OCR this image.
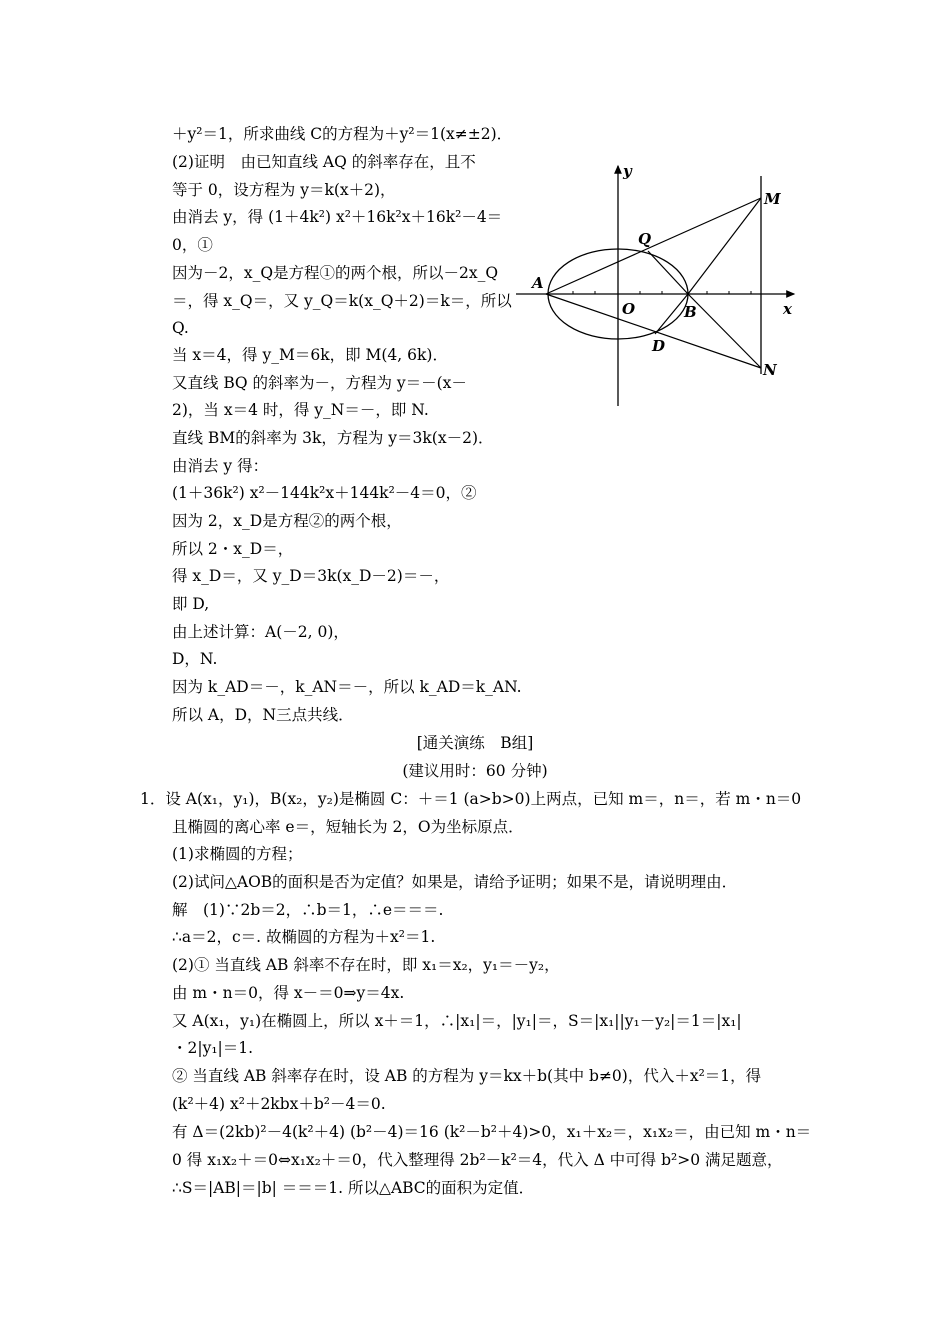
＋y²＝1，所求曲线 C的方程为＋y²＝1(x≠±2)．
(2)证明　由已知直线 AQ 的斜率存在，且不
等于 0，设方程为 y＝k(x＋2)，
由消去 y，得 (1＋4k²) x²＋16k²x＋16k²－4＝
0，①
因为－2，x_Q是方程①的两个根，所以－2x_Q
＝，得 x_Q＝，又 y_Q＝k(x_Q＋2)＝k＝，所以
Q.
当 x＝4，得 y_M＝6k，即 M(4, 6k)．
又直线 BQ 的斜率为－，方程为 y＝－(x－
2)，当 x＝4 时，得 y_N＝－，即 N.
直线 BM的斜率为 3k，方程为 y＝3k(x－2)．
由消去 y 得：
(1＋36k²) x²－144k²x＋144k²－4＝0，②
因为 2，x_D是方程②的两个根，
所以 2・x_D＝，
得 x_D＝，又 y_D＝3k(x_D－2)＝－，
即 D,
由上述计算：A(－2, 0)，
D，N.
因为 k_AD＝－，k_AN＝－，所以 k_AD＝k_AN.
所以 A，D，N三点共线．
y
x
M
Q
A
O	B
D
N
[通关演练　B组]
(建议用时：60 分钟)
1．设 A(x₁，y₁)，B(x₂，y₂)是椭圆 C：＋＝1 (a>b>0)上两点，已知 m＝，n＝，若 m・n＝0
且椭圆的离心率 e＝，短轴长为 2，O为坐标原点．
(1)求椭圆的方程；
(2)试问△AOB的面积是否为定值？如果是，请给予证明；如果不是，请说明理由．
解　(1)∵2b＝2，∴b＝1，∴e＝＝＝.
∴a＝2，c＝. 故椭圆的方程为＋x²＝1.
(2)① 当直线 AB 斜率不存在时，即 x₁＝x₂，y₁＝－y₂，
由 m・n＝0，得 x－＝0⇒y＝4x.
又 A(x₁，y₁)在椭圆上，所以 x＋＝1，∴|x₁|＝，|y₁|＝，S＝|x₁||y₁－y₂|＝1＝|x₁|
・2|y₁|＝1.
② 当直线 AB 斜率存在时，设 AB 的方程为 y＝kx＋b(其中 b≠0)，代入＋x²＝1，得
(k²＋4) x²＋2kbx＋b²－4＝0.
有 Δ＝(2kb)²－4(k²＋4) (b²－4)＝16 (k²－b²＋4)>0，x₁＋x₂＝，x₁x₂＝，由已知 m・n＝
0 得 x₁x₂＋＝0⇔x₁x₂＋＝0，代入整理得 2b²－k²＝4，代入 Δ 中可得 b²>0 满足题意，
∴S＝|AB|＝|b| ＝＝＝1. 所以△ABC的面积为定值．
